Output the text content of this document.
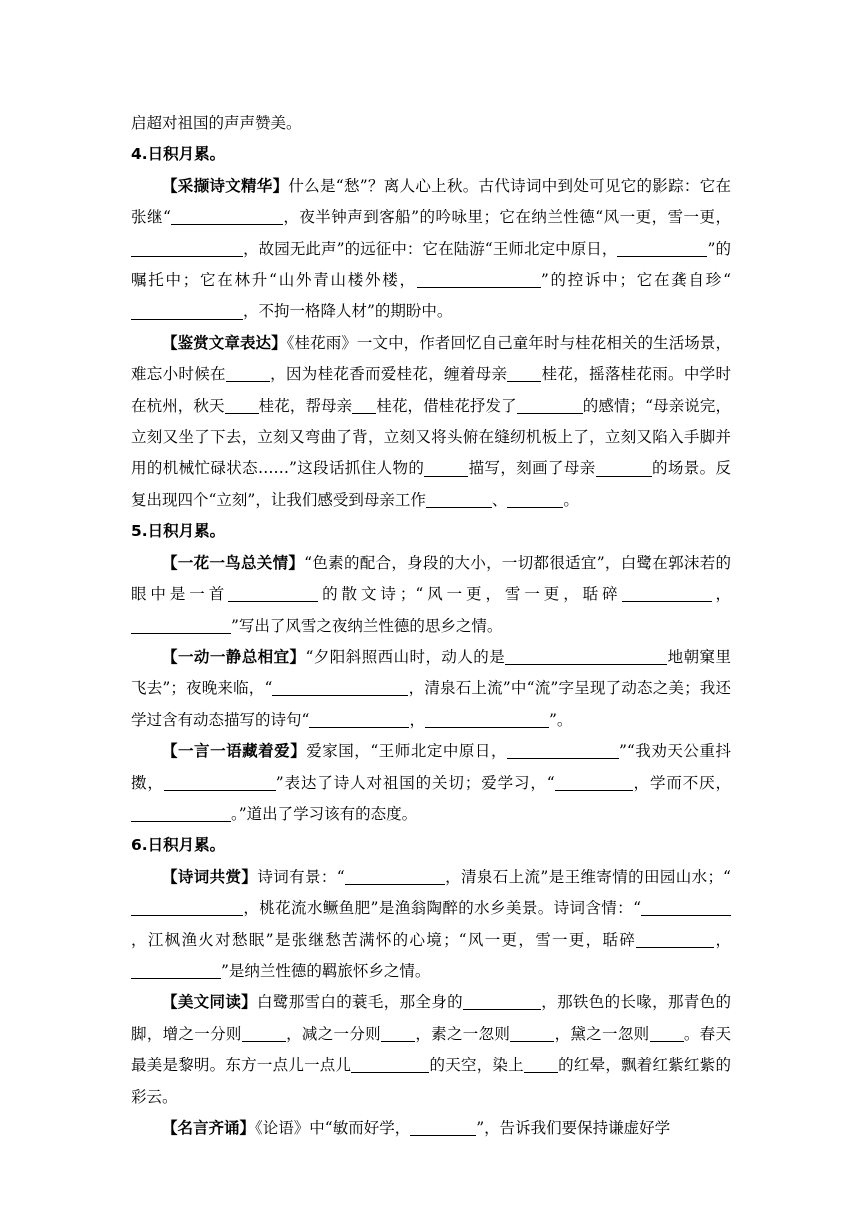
启超对祖国的声声赞美。

4.日积月累。

【采撷诗文精华】什么是“愁”？离人心上秋。古代诗词中到处可见它的影踪：它在张继“	，夜半钟声到客船”的吟咏里；它在纳兰性德“风一更，雪一更，，故园无此声”的远征中：它在陆游“王师北定中原日，	”的嘱托中；它在林升“山外青山楼外楼，	”的控诉中；它在龚自珍“，不拘一格降人材”的期盼中。

【鉴赏文章表达】《桂花雨》一文中，作者回忆自己童年时与桂花相关的生活场景，难忘小时候在	，因为桂花香而爱桂花，缠着母亲 桂花，摇落桂花雨。中学时在杭州，秋天 桂花，帮母亲 桂花，借桂花抒发了	的感情；“母亲说完，立刻又坐了下去，立刻又弯曲了背，立刻又将头俯在缝纫机板上了，立刻又陷入手脚并用的机械忙碌状态……”这段话抓住人物的	描写，刻画了母亲	的场景。反复出现四个“立刻”，让我们感受到母亲工作	、	。

5.日积月累。

【一花一鸟总关情】“色素的配合，身段的大小，一切都很适宜”，白鹭在郭沫若的眼中是一首	的散文诗；“风一更，雪一更，聒碎	，”写出了风雪之夜纳兰性德的思乡之情。

【一动一静总相宜】“夕阳斜照西山时，动人的是	地朝窠里飞去”；夜晚来临，“	，清泉石上流”中“流”字呈现了动态之美；我还学过含有动态描写的诗句“	，	”。

【一言一语藏着爱】爱家国，“王师北定中原日，	”“我劝天公重抖擞，	”表达了诗人对祖国的关切；爱学习，“	，学而不厌，。”道出了学习该有的态度。

6.日积月累。

【诗词共赏】诗词有景：“	，清泉石上流”是王维寄情的田园山水；“，桃花流水鳜鱼肥”是渔翁陶醉的水乡美景。诗词含情：“，江枫渔火对愁眠”是张继愁苦满怀的心境；“风一更，雪一更，聒碎	，”是纳兰性德的羁旅怀乡之情。

【美文同读】白鹭那雪白的蓑毛，那全身的	，那铁色的长喙，那青色的脚，增之一分则	，减之一分则 ，素之一忽则	，黛之一忽则 。春天最美是黎明。东方一点儿一点儿	的天空，染上 的红晕，飘着红紫红紫的彩云。

【名言齐诵】《论语》中“敏而好学，	”，告诉我们要保持谦虚好学
